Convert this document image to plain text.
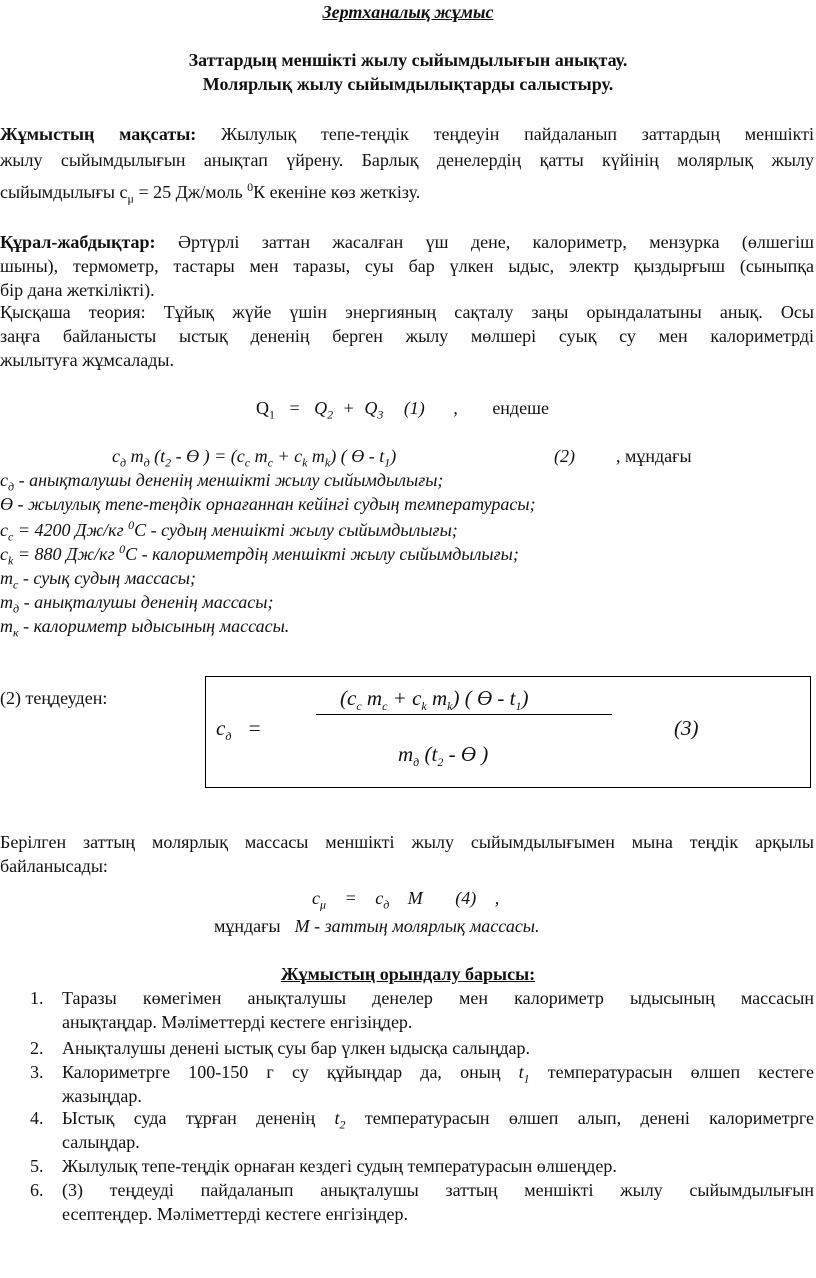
Зертханалық жұмыс
Заттардың меншікті жылу сыйымдылығын анықтау.
Молярлық жылу сыйымдылықтарды салыстыру.
Жұмыстың мақсаты: Жылулық тепе-теңдік теңдеуін пайдаланып заттардың меншікті
жылу сыйымдылығын анықтап үйрену. Барлық денелердің қатты күйінің молярлық жылу
сыйымдылығы $c_\mu = 25$ Дж/моль $^0$К екеніне көз жеткізу.
Құрал-жабдықтар: Әртүрлі заттан жасалған үш дене, калориметр, мензурка (өлшегіш
шыны), термометр, тастары мен таразы, суы бар үлкен ыдыс, электр қыздырғыш (сыныпқа
бір дана жеткілікті).
Қысқаша теория: Тұйық жүйе үшін энергияның сақталу заңы орындалатыны анық. Осы
заңға байланысты ыстық дененің берген жылу мөлшері суық су мен калориметрді
жылытуға жұмсалады.
$Q_1 = Q_2 + Q_3$ (1) , ендеше
$c_д$ $m_д$ ($t_2$ - Ө ) = ($c_c$ $m_c + c_k$ $m_k$) ( Ө - $t_1$)	(2) , мұндағы
$c_д$ - анықталушы дененің меншікті жылу сыйымдылығы;
Ө - жылулық тепе-теңдік орнағаннан кейінгі судың температурасы;
$c_c = 4200$ Дж/кг $^0$C - судың меншікті жылу сыйымдылығы;
$c_k = 880$ Дж/кг $^0$C - калориметрдің меншікті жылу сыйымдылығы;
$m_c$ - суық судың массасы;
$m_д$ - анықталушы дененің массасы;
$m_к$ - калориметр ыдысының массасы.
(2) теңдеуден:	($c_c$ $m_c + c_k$ $m_k$) ( Ө - $t_1$)
$c_д$ =
$m_д$ ($t_2$ - Ө )
(3)
Берілген заттың молярлық массасы меншікті жылу сыйымдылығымен мына теңдік арқылы
байланысады:
$c_\mu = c_д$ M (4) ,
мұндағы M - заттың молярлық массасы.
Жұмыстың орындалу барысы:
1. Таразы көмегімен анықталушы денелер мен калориметр ыдысының массасын
анықтаңдар. Мәліметтерді кестеге енгізіңдер.
2. Анықталушы денені ыстық суы бар үлкен ыдысқа салыңдар.
3. Калориметрге 100-150 г су құйыңдар да, оның $t_1$ температурасын өлшеп кестеге
жазыңдар.
4. Ыстық суда тұрған дененің $t_2$ температурасын өлшеп алып, денені калориметрге
салыңдар.
5. Жылулық тепе-теңдік орнаған кездегі судың температурасын өлшеңдер.
6. (3) теңдеуді пайдаланып анықталушы заттың меншікті жылу сыйымдылығын
есептеңдер. Мәліметтерді кестеге енгізіңдер.
